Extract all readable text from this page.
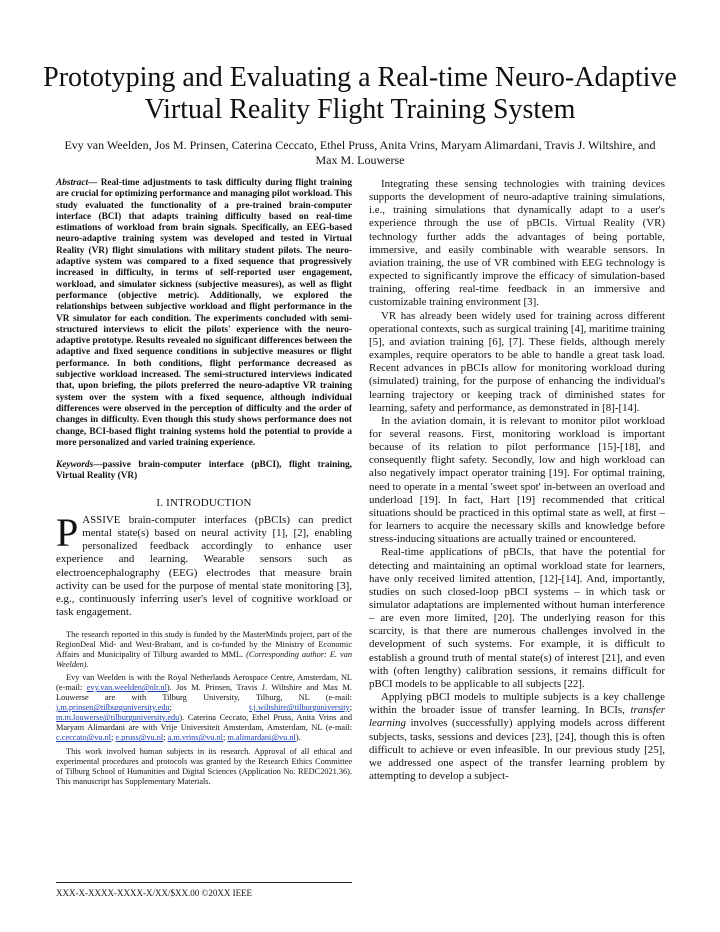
Prototyping and Evaluating a Real-time Neuro-Adaptive Virtual Reality Flight Training System
Evy van Weelden, Jos M. Prinsen, Caterina Ceccato, Ethel Pruss, Anita Vrins, Maryam Alimardani, Travis J. Wiltshire, and Max M. Louwerse
Abstract— Real-time adjustments to task difficulty during flight training are crucial for optimizing performance and managing pilot workload. This study evaluated the functionality of a pre-trained brain-computer interface (BCI) that adapts training difficulty based on real-time estimations of workload from brain signals. Specifically, an EEG-based neuro-adaptive training system was developed and tested in Virtual Reality (VR) flight simulations with military student pilots. The neuro-adaptive system was compared to a fixed sequence that progressively increased in difficulty, in terms of self-reported user engagement, workload, and simulator sickness (subjective measures), as well as flight performance (objective metric). Additionally, we explored the relationships between subjective workload and flight performance in the VR simulator for each condition. The experiments concluded with semi-structured interviews to elicit the pilots' experience with the neuro-adaptive prototype. Results revealed no significant differences between the adaptive and fixed sequence conditions in subjective measures or flight performance. In both conditions, flight performance decreased as subjective workload increased. The semi-structured interviews indicated that, upon briefing, the pilots preferred the neuro-adaptive VR training system over the system with a fixed sequence, although individual differences were observed in the perception of difficulty and the order of changes in difficulty. Even though this study shows performance does not change, BCI-based flight training systems hold the potential to provide a more personalized and varied training experience.
Keywords—passive brain-computer interface (pBCI), flight training, Virtual Reality (VR)
I. INTRODUCTION
PASSIVE brain-computer interfaces (pBCIs) can predict mental state(s) based on neural activity [1], [2], enabling personalized feedback accordingly to enhance user experience and learning. Wearable sensors such as electroencephalography (EEG) electrodes that measure brain activity can be used for the purpose of mental state monitoring [3], e.g., continuously inferring user's level of cognitive workload or task engagement.

The research reported in this study is funded by the MasterMinds project, part of the RegionDeal Mid- and West-Brabant, and is co-funded by the Ministry of Economic Affairs and Municipality of Tilburg awarded to MML. (Corresponding author: E. van Weelden).

Evy van Weelden is with the Royal Netherlands Aerospace Centre, Amsterdam, NL (e-mail: evy.van.weelden@nlr.nl). Jos M. Prinsen, Travis J. Wiltshire and Max M. Louwerse are with Tilburg University, Tilburg, NL (e-mail: j.m.prinsen@tilburguniversity.edu; t.j.wiltshire@tilburguniversity; m.m.louwerse@tilburguniversity.edu). Caterina Ceccato, Ethel Pruss, Anita Vrins and Maryam Alimardani are with Vrije Universiteit Amsterdam, Amsterdam, NL (e-mail: c.ceccato@vu.nl; e.pruss@vu.nl; a.m.vrins@vu.nl; m.alimardani@vu.nl).

This work involved human subjects in its research. Approval of all ethical and experimental procedures and protocols was granted by the Research Ethics Committee of Tilburg School of Humanities and Digital Sciences (Application No. REDC2021.36). This manuscript has Supplementary Materials.

XXX-X-XXXX-XXXX-X/XX/$XX.00 ©20XX IEEE

Integrating these sensing technologies with training devices supports the development of neuro-adaptive training simulations, i.e., training simulations that dynamically adapt to a user's experience through the use of pBCIs. Virtual Reality (VR) technology further adds the advantages of being portable, immersive, and easily combinable with wearable sensors. In aviation training, the use of VR combined with EEG technology is expected to significantly improve the efficacy of simulation-based training, offering real-time feedback in an immersive and customizable training environment [3].

VR has already been widely used for training across different operational contexts, such as surgical training [4], maritime training [5], and aviation training [6], [7]. These fields, although merely examples, require operators to be able to handle a great task load. Recent advances in pBCIs allow for monitoring workload during (simulated) training, for the purpose of enhancing the individual's learning trajectory or keeping track of diminished states for learning, safety and performance, as demonstrated in [8]-[14].

In the aviation domain, it is relevant to monitor pilot workload for several reasons. First, monitoring workload is important because of its relation to pilot performance [15]-[18], and consequently flight safety. Secondly, low and high workload can also negatively impact operator training [19]. For optimal training, need to operate in a mental 'sweet spot' in-between an overload and underload [19]. In fact, Hart [19] recommended that critical situations should be practiced in this optimal state as well, at first – for learners to acquire the necessary skills and knowledge before stress-inducing situations are actually trained or encountered.

Real-time applications of pBCIs, that have the potential for detecting and maintaining an optimal workload state for learners, have only received limited attention, [12]-[14]. And, importantly, studies on such closed-loop pBCI systems – in which task or simulator adaptations are implemented without human interference – are even more limited, [20]. The underlying reason for this scarcity, is that there are numerous challenges involved in the development of such systems. For example, it is difficult to establish a ground truth of mental state(s) of interest [21], and even with (often lengthy) calibration sessions, it remains difficult for pBCI models to be applicable to all subjects [22].

Applying pBCI models to multiple subjects is a key challenge within the broader issue of transfer learning. In BCIs, transfer learning involves (successfully) applying models across different subjects, tasks, sessions and devices [23], [24], though this is often difficult to achieve or even infeasible. In our previous study [25], we addressed one aspect of the transfer learning problem by attempting to develop a subject-
